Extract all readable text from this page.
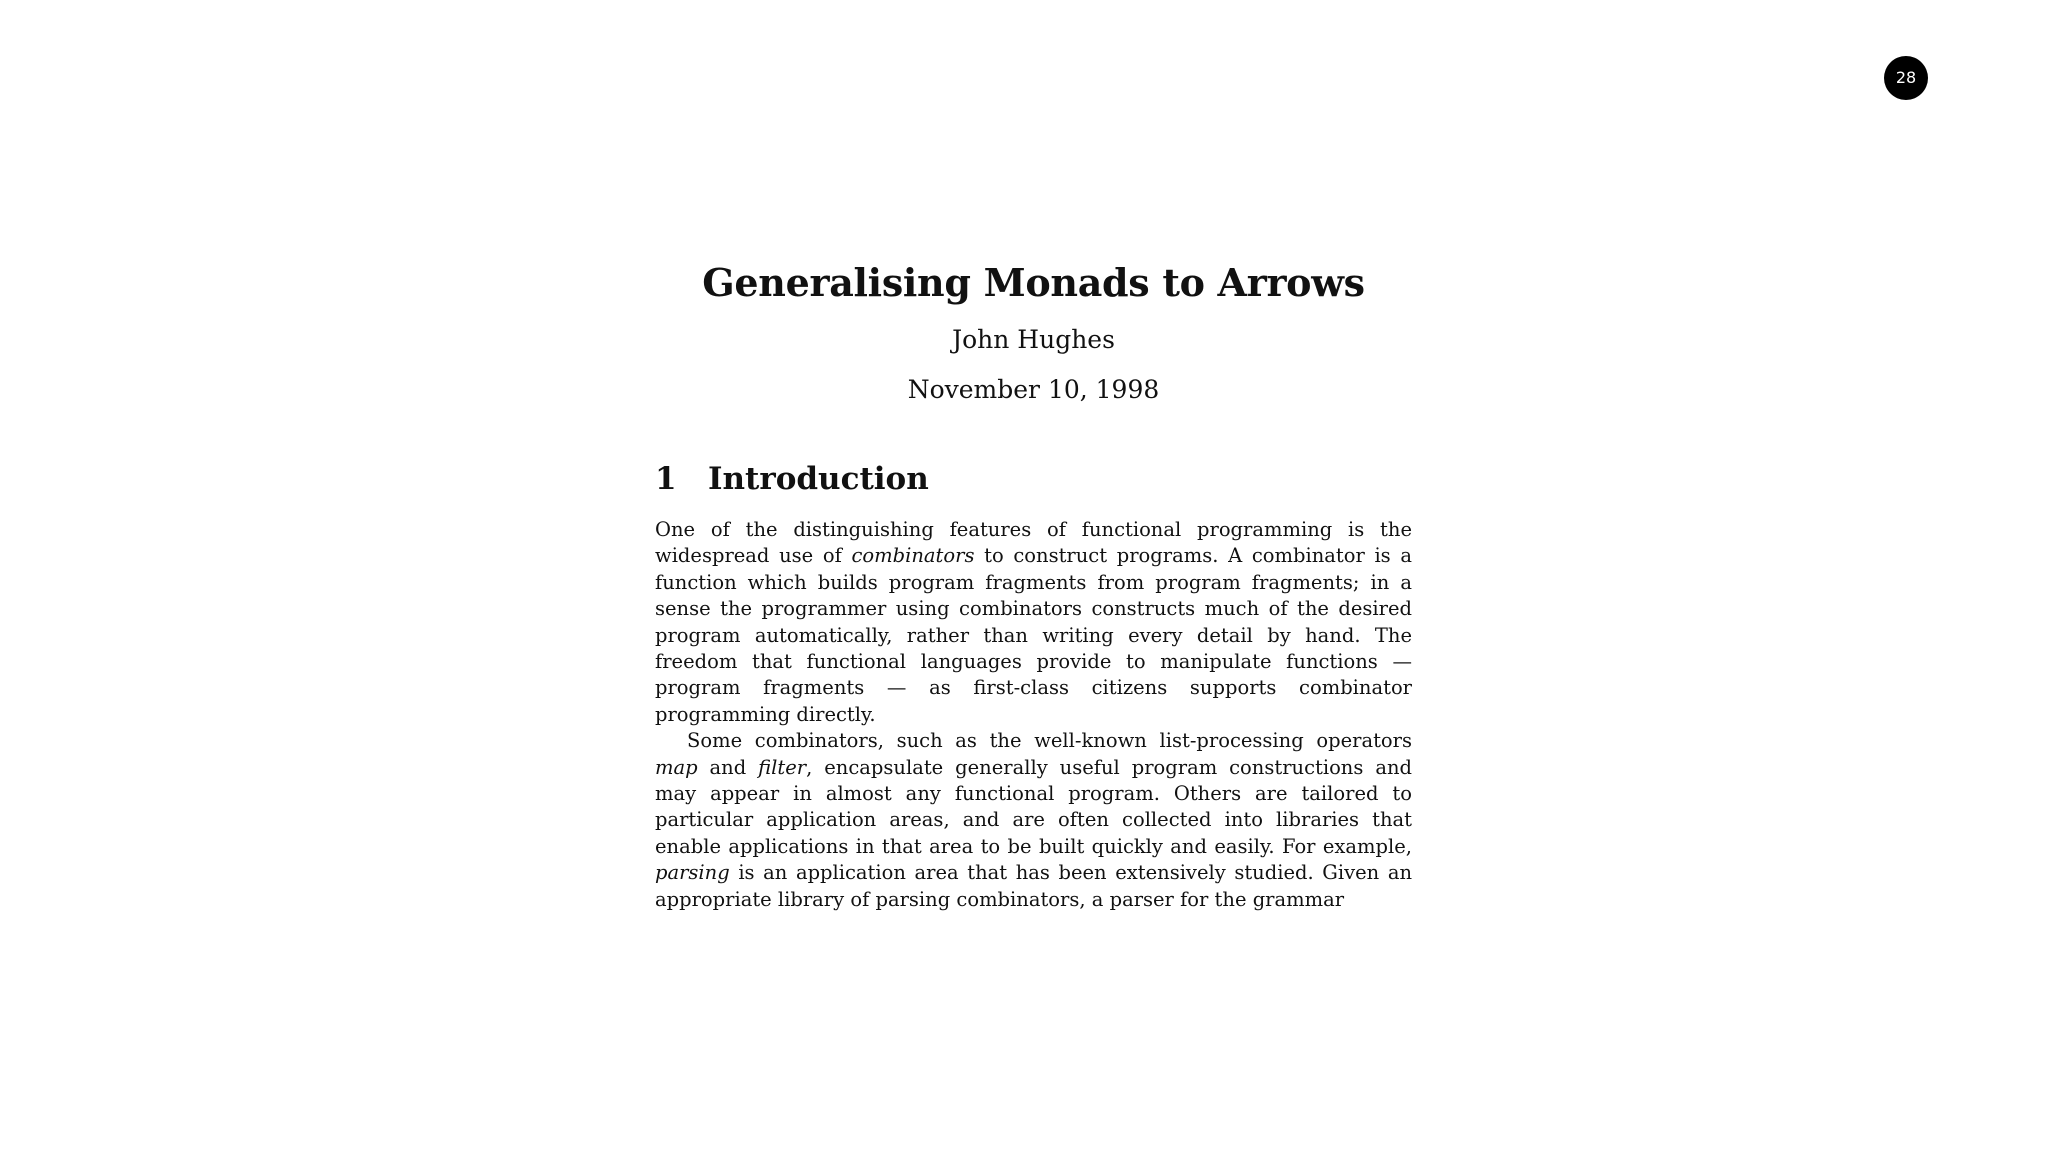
28
Generalising Monads to Arrows
John Hughes
November 10, 1998
1	Introduction

One of the distinguishing features of functional programming is the widespread use of combinators to construct programs. A combinator is a function which builds program fragments from program fragments; in a sense the programmer using combinators constructs much of the desired program automatically, rather than writing every detail by hand. The freedom that functional languages provide to manipulate functions — program fragments — as first-class citizens supports combinator programming directly.

Some combinators, such as the well-known list-processing operators map and filter, encapsulate generally useful program constructions and may appear in almost any functional program. Others are tailored to particular application areas, and are often collected into libraries that enable applications in that area to be built quickly and easily. For example, parsing is an application area that has been extensively studied. Given an appropriate library of parsing combinators, a parser for the grammar
